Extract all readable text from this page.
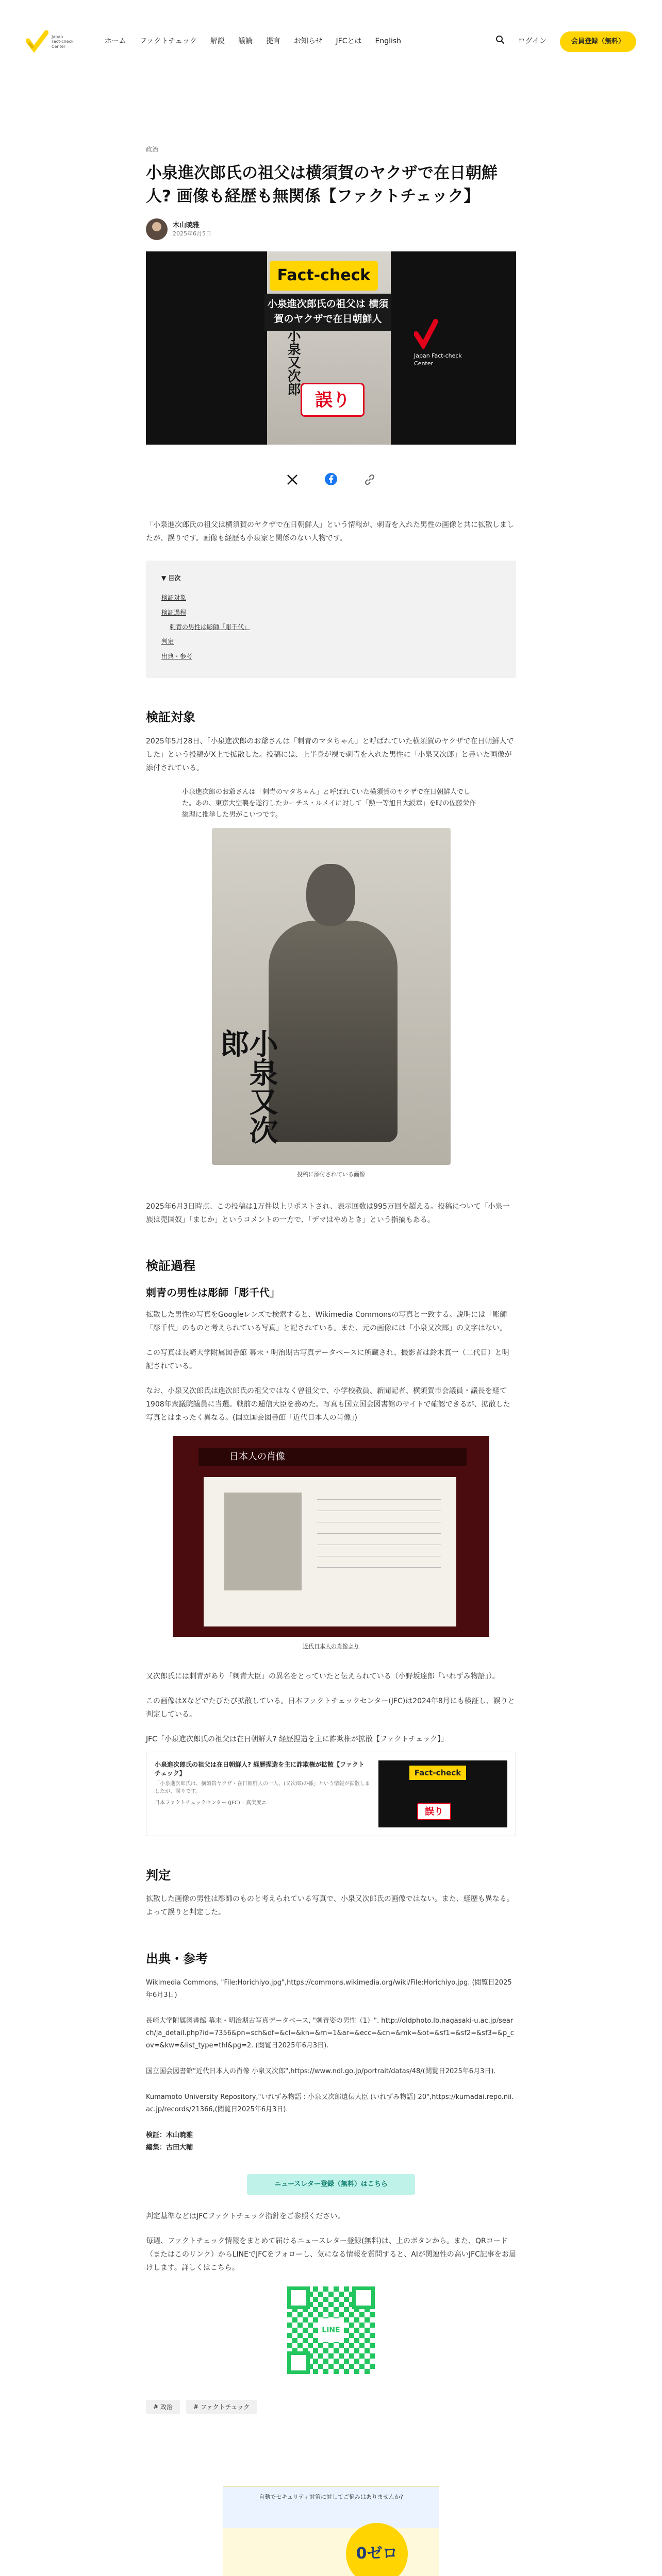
Japan
Fact-check
Center
ホーム ファクトチェック 解説 議論 提言 お知らせ JFCとは English	ログイン	会員登録（無料）
政治
小泉進次郎氏の祖父は横須賀のヤクザで在日朝鮮人? 画像も経歴も無関係【ファクトチェック】
木山暁雅
2025年6月5日
Fact-check
小泉進次郎氏の祖父は 横須賀のヤクザで在日朝鮮人
小泉又次郎
誤り
Japan Fact-check Center

「小泉進次郎氏の祖父は横須賀のヤクザで在日朝鮮人」という情報が、刺青を入れた男性の画像と共に拡散しましたが、誤りです。画像も経歴も小泉家と関係のない人物です。

▼ 目次
検証対象
検証過程
刺青の男性は彫師「彫千代」
判定
出典・参考
検証対象

2025年5月28日、「小泉進次郎のお爺さんは「刺青のマタちゃん」と呼ばれていた横須賀のヤクザで在日朝鮮人でした」という投稿がX上で拡散した。投稿には、上半身が裸で刺青を入れた男性に「小泉又次郎」と書いた画像が添付されている。

小泉進次郎のお爺さんは「刺青のマタちゃん」と呼ばれていた横須賀のヤクザで在日朝鮮人でした。あの、東京大空襲を遂行したカーチス・ルメイに対して「勲一等旭日大綬章」を時の佐藤栄作総理に推挙した男がこいつです。
小泉又次郎
投稿に添付されている画像

2025年6月3日時点、この投稿は1万件以上リポストされ、表示回数は995万回を超える。投稿について「小泉一族は売国奴」「まじか」というコメントの一方で、「デマはやめとき」という指摘もある。

検証過程
刺青の男性は彫師「彫千代」

拡散した男性の写真をGoogleレンズで検索すると、Wikimedia Commonsの写真と一致する。説明には「彫師「彫千代」のものと考えられている写真」と記されている。また、元の画像には「小泉又次郎」の文字はない。

この写真は長崎大学附属図書館 幕末・明治期古写真データベースに所蔵され、撮影者は鈴木真一（二代目）と明記されている。

なお、小泉又次郎氏は進次郎氏の祖父ではなく曽祖父で、小学校教員、新聞記者、横須賀市会議員・議長を経て1908年衆議院議員に当選。戦前の逓信大臣を務めた。写真も国立国会図書館のサイトで確認できるが、拡散した写真とはまったく異なる。(国立国会図書館「近代日本人の肖像」)

日本人の肖像
近代日本人の肖像より

又次郎氏には刺青があり「刺青大臣」の異名をとっていたと伝えられている（小野坂達郎「いれずみ物語」）。

この画像はXなどでたびたび拡散している。日本ファクトチェックセンター(JFC)は2024年8月にも検証し、誤りと判定している。

JFC「小泉進次郎氏の祖父は在日朝鮮人? 経歴捏造を主に詐欺権が拡散【ファクトチェック】」

小泉進次郎氏の祖父は在日朝鮮人? 経歴捏造を主に詐欺権が拡散【ファクトチェック】
「小泉進次郎氏は、横須賀ヤクザ・在日朝鮮人の一人、(又次郎)の孫」という情報が拡散しましたが、誤りです。
日本ファクトチェックセンター (JFC) – 真実度ニ
Fact-check
誤り
判定

拡散した画像の男性は彫師のものと考えられている写真で、小泉又次郎氏の画像ではない。また、経歴も異なる。よって誤りと判定した。

出典・参考

Wikimedia Commons, "File:Horichiyo.jpg",https://commons.wikimedia.org/wiki/File:Horichiyo.jpg. (閲覧日2025年6月3日)

長崎大学附属図書館 幕末・明治期古写真データベース, "刺青姿の男性（1）". http://oldphoto.lb.nagasaki-u.ac.jp/search/ja_detail.php?id=7356&pn=sch&of=&cl=&kn=&rn=1&ar=&ecc=&cn=&mk=&ot=&sf1=&sf2=&sf3=&p_cov=&kw=&list_type=thl&pg=2. (閲覧日2025年6月3日).

国立国会図書館"近代日本人の肖像 小泉又次郎",https://www.ndl.go.jp/portrait/datas/48/(閲覧日2025年6月3日).

Kumamoto University Repository,"いれずみ物語 : 小泉又次郎遺伝大臣 (いれずみ物語) 20",https://kumadai.repo.nii.ac.jp/records/21366,(閲覧日2025年6月3日).

検証：木山暁雅
編集：古田大輔
ニュースレター登録（無料）はこちら

判定基準などはJFCファクトチェック指針をご参照ください。

毎週、ファクトチェック情報をまとめて届けるニュースレター登録(無料)は、上のボタンから。また、QRコード（またはこのリンク）からLINEでJFCをフォローし、気になる情報を質問すると、AIが関連性の高いJFC記事をお届けします。詳しくはこちら。

LINE
# 政治	# ファクトチェック
自動でセキュリティ対策に対してご悩みはありませんか?
0ゼロ
